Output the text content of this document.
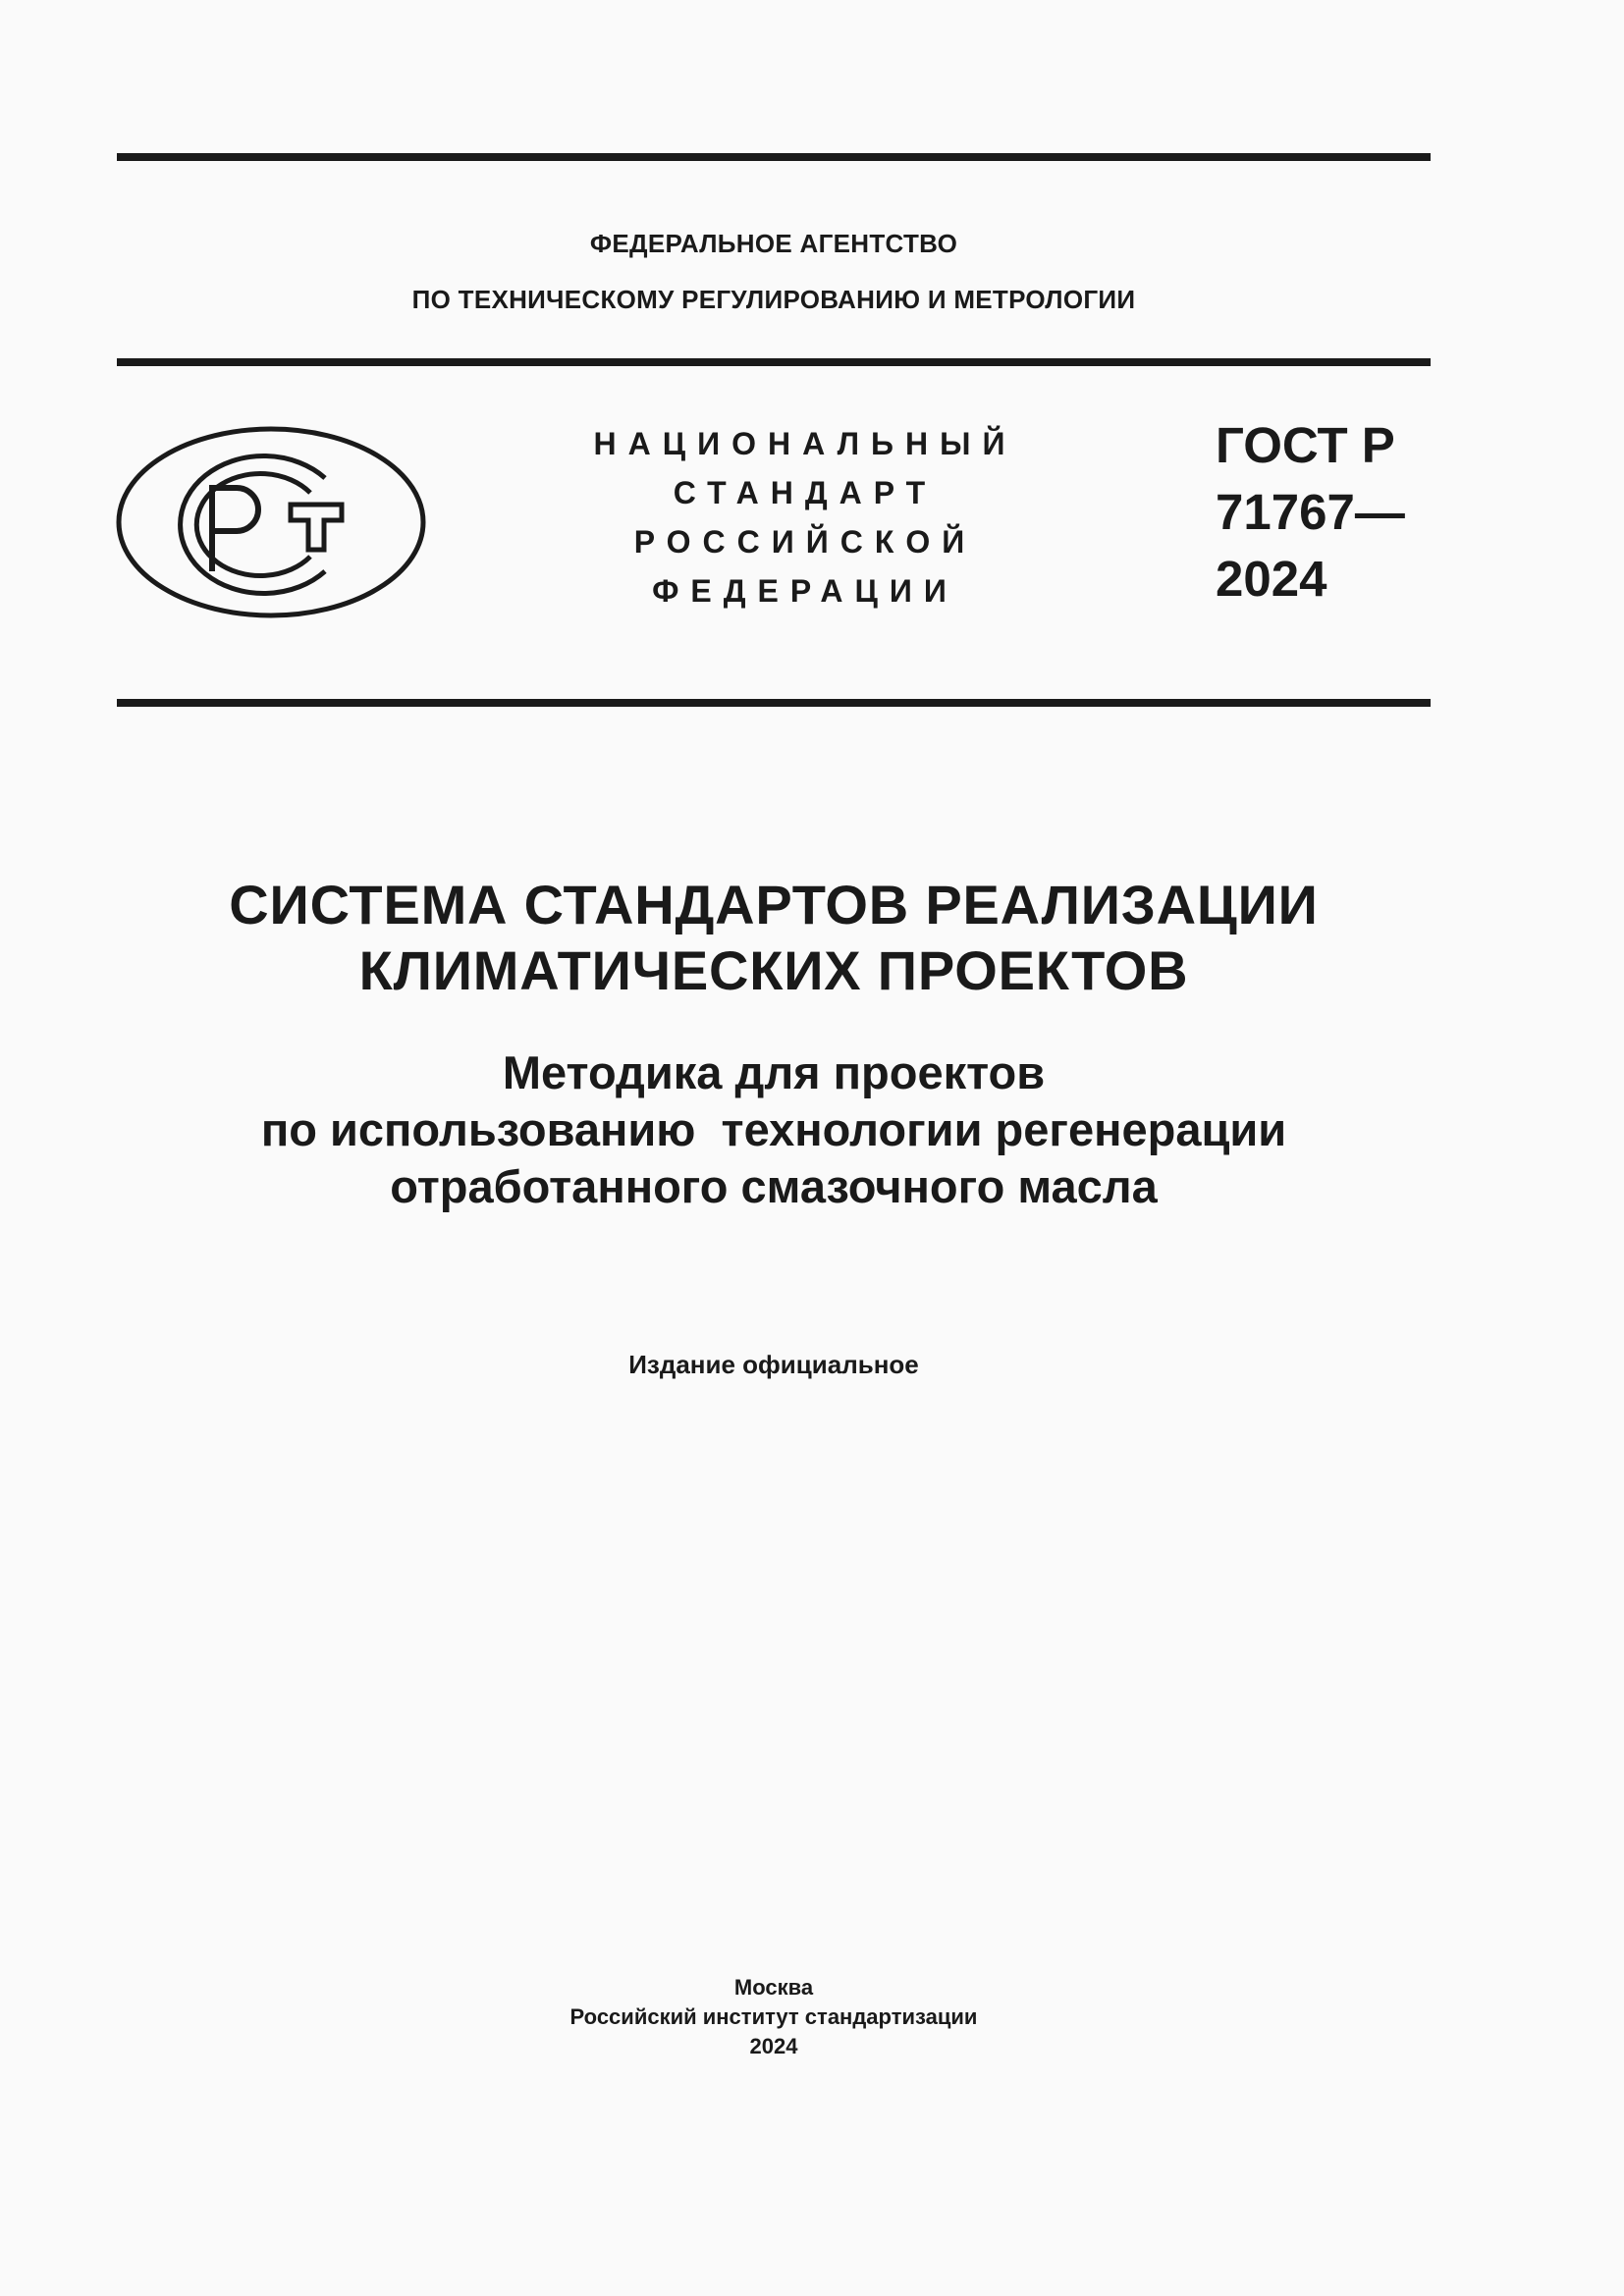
ФЕДЕРАЛЬНОЕ АГЕНТСТВО
ПО ТЕХНИЧЕСКОМУ РЕГУЛИРОВАНИЮ И МЕТРОЛОГИИ
НАЦИОНАЛЬНЫЙ
СТАНДАРТ
РОССИЙСКОЙ
ФЕДЕРАЦИИ
ГОСТ Р
71767—
2024
СИСТЕМА СТАНДАРТОВ РЕАЛИЗАЦИИ
КЛИМАТИЧЕСКИХ ПРОЕКТОВ
Методика для проектов
по использованию  технологии регенерации
отработанного смазочного масла
Издание официальное
Москва
Российский институт стандартизации
2024
